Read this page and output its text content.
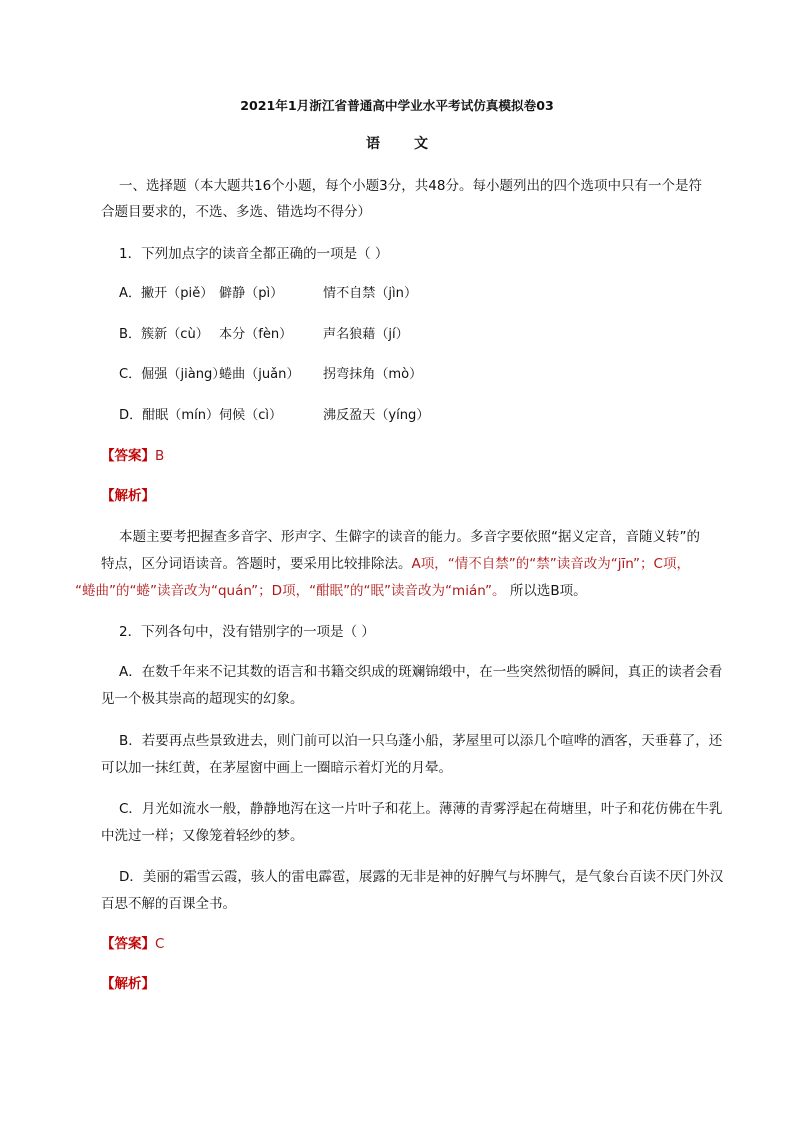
2021年1月浙江省普通高中学业水平考试仿真模拟卷03
语 文
一、选择题（本大题共16个小题，每个小题3分，共48分。每小题列出的四个选项中只有一个是符
合题目要求的，不选、多选、错选均不得分）
1．下列加点字的读音全都正确的一项是（ ）
A．撇开（piě） 僻静（pì）	情不自禁（jìn）
B．簇新（cù） 本分（fèn） 声名狼藉（jí）
C．倔强（jiàng）
蜷曲（juǎn） 拐弯抹角（mò）
D．酣眠（mín） 伺候（cì）	沸反盈天（yíng）
【答案】B
【解析】
本题主要考把握查多音字、形声字、生僻字的读音的能力。多音字要依照“据义定音，音随义转”的
特点，区分词语读音。答题时，要采用比较排除法。A项，“情不自禁”的“禁”读音改为“jīn”；C项，
“蜷曲”的“蜷”读音改为“quán”；D项，“酣眠”的“眠”读音改为“mián”。 所以选B项。
2．下列各句中，没有错别字的一项是（ ）
A．在数千年来不记其数的语言和书籍交织成的斑斓锦缎中，在一些突然彻悟的瞬间，真正的读者会看
见一个极其崇高的超现实的幻象。
B．若要再点些景致进去，则门前可以泊一只乌蓬小船，茅屋里可以添几个喧哗的酒客，天垂暮了，还
可以加一抹红黄，在茅屋窗中画上一圈暗示着灯光的月晕。
C．月光如流水一般，静静地泻在这一片叶子和花上。薄薄的青雾浮起在荷塘里，叶子和花仿佛在牛乳
中洗过一样；又像笼着轻纱的梦。
D．美丽的霜雪云霞，骇人的雷电霹雹，展露的无非是神的好脾气与坏脾气，是气象台百读不厌门外汉
百思不解的百课全书。
【答案】C
【解析】
